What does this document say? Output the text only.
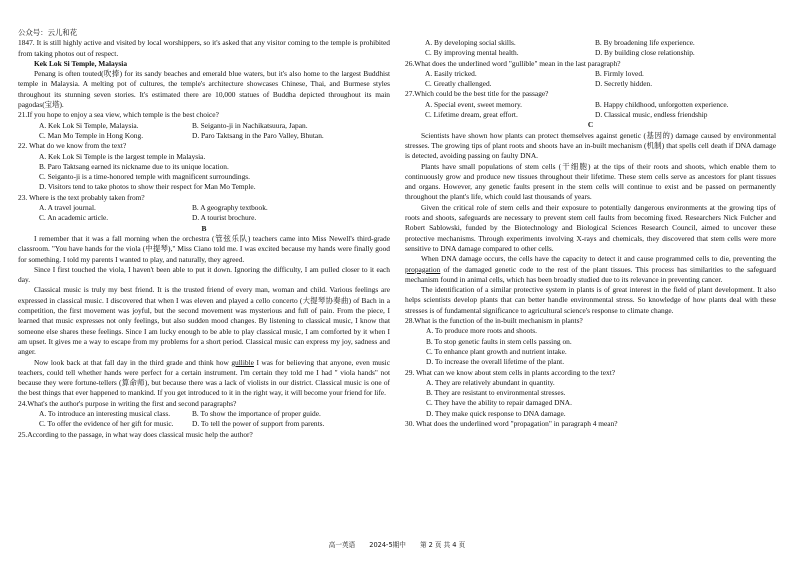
公众号：云儿和花

1847. It is still highly active and visited by local worshippers, so it's asked that any visitor coming to the temple is prohibited from taking photos out of respect.

Kek Lok Si Temple, Malaysia

Penang is often touted(吹捧) for its sandy beaches and emerald blue waters, but it's also home to the largest Buddhist temple in Malaysia. A melting pot of cultures, the temple's architecture showcases Chinese, Thai, and Burmese styles throughout its stunning seven stories. It's estimated there are 10,000 statues of Buddha depicted throughout its main pagodas(宝塔).

21.If you hope to enjoy a sea view, which temple is the best choice?

A. Kek Lok Si Temple, Malaysia.	B. Seiganto-ji in Nachikatsuura, Japan.
C. Man Mo Temple in Hong Kong.	D. Paro Taktsang in the Paro Valley, Bhutan.

22. What do we know from the text?

A. Kek Lok Si Temple is the largest temple in Malaysia.

B. Paro Taktsang earned its nickname due to its unique location.

C. Seiganto-ji is a time-honored temple with magnificent surroundings.

D. Visitors tend to take photos to show their respect for Man Mo Temple.

23. Where is the text probably taken from?

A. A travel journal.	B. A geography textbook.
C. An academic article.	D. A tourist brochure.

B

I remember that it was a fall morning when the orchestra (管弦乐队) teachers came into Miss Newell's third-grade classroom. "You have hands for the viola (中提琴)," Miss Ciano told me. I was excited because my hands were finally good for something. I told my parents I wanted to play, and naturally, they agreed.

Since I first touched the viola, I haven't been able to put it down. Ignoring the difficulty, I am pulled closer to it each day.

Classical music is truly my best friend. It is the trusted friend of every man, woman and child. Various feelings are expressed in classical music. I discovered that when I was eleven and played a cello concerto (大提琴协奏曲) of Bach in a competition, the first movement was joyful, but the second movement was mysterious and full of pain. From the piece, I learned that music expresses not only feelings, but also sudden mood changes. By listening to classical music, I know that someone else shares these feelings. Since I am lucky enough to be able to play classical music, I am comforted by it when I am upset. It gives me a way to escape from my problems for a short period. Classical music can express my joy, sadness and anger.

Now look back at that fall day in the third grade and think how gullible I was for believing that anyone, even music teachers, could tell whether hands were perfect for a certain instrument. I'm certain they told me I had " viola hands" not because they were fortune-tellers (算命师), but because there was a lack of violists in our district. Classical music is one of the best things that ever happened to mankind. If you get introduced to it in the right way, it will become your friend for life.

24.What's the author's purpose in writing the first and second paragraphs?

A. To introduce an interesting musical class.	B. To show the importance of proper guide.
C. To offer the evidence of her gift for music.	D. To tell the power of support from parents.

25.According to the passage, in what way does classical music help the author?

A. By developing social skills.	B. By broadening life experience.
C. By improving mental health.	D. By building close relationship.

26.What does the underlined word "gullible" mean in the last paragraph?

A. Easily tricked.	B. Firmly loved.
C. Greatly challenged.	D. Secretly hidden.

27.Which could be the best title for the passage?

A. Special event, sweet memory.	B. Happy childhood, unforgotten experience.
C. Lifetime dream, great effort.	D. Classical music, endless friendship

C

Scientists have shown how plants can protect themselves against genetic (基因的) damage caused by environmental stresses. The growing tips of plant roots and shoots have an in-built mechanism (机制) that spells cell death if DNA damage is detected, avoiding passing on faulty DNA.

Plants have small populations of stem cells (干细胞) at the tips of their roots and shoots, which enable them to continuously grow and produce new tissues throughout their lifetime. These stem cells serve as ancestors for plant tissues and organs. However, any genetic faults present in the stem cells will continue to exist and be passed on permanently throughout the plant's life, which could last thousands of years.

Given the critical role of stem cells and their exposure to potentially dangerous environments at the growing tips of roots and shoots, safeguards are necessary to prevent stem cell faults from becoming fixed. Researchers Nick Fulcher and Robert Sablowski, funded by the Biotechnology and Biological Sciences Research Council, aimed to uncover these protective mechanisms. Through experiments involving X-rays and chemicals, they discovered that stem cells were more sensitive to DNA damage compared to other cells.

When DNA damage occurs, the cells have the capacity to detect it and cause programmed cells to die, preventing the propagation of the damaged genetic code to the rest of the plant tissues. This process has similarities to the safeguard mechanism found in animal cells, which has been broadly studied due to its relevance in preventing cancer.

The identification of a similar protective system in plants is of great interest in the field of plant development. It also helps scientists develop plants that can better handle environmental stress. So knowledge of how plants deal with these stresses is of fundamental significance to agricultural science's response to climate change.

28.What is the function of the in-built mechanism in plants?

A. To produce more roots and shoots.

B. To stop genetic faults in stem cells passing on.

C. To enhance plant growth and nutrient intake.

D. To increase the overall lifetime of the plant.

29. What can we know about stem cells in plants according to the text?

A. They are relatively abundant in quantity.

B. They are resistant to environmental stresses.

C. They have the ability to repair damaged DNA.

D. They make quick response to DNA damage.

30. What does the underlined word "propagation" in paragraph 4 mean?

高一英语 2024-5期中 第 2 页 共 4 页
